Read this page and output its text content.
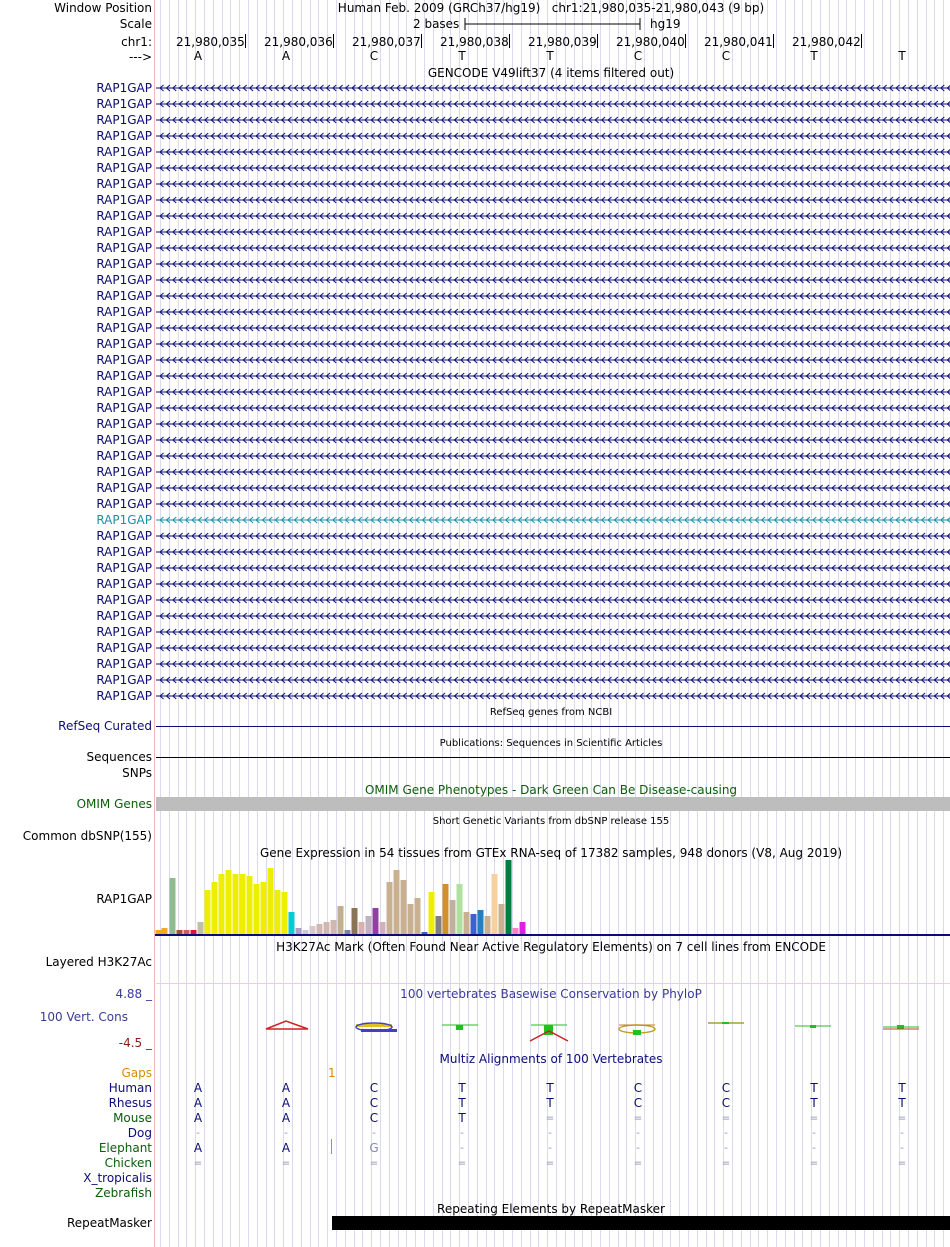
Window Position	Human Feb. 2009 (GRCh37/hg19) chr1:21,980,035-21,980,043 (9 bp)
Scale	2 bases	hg19
chr1: 21,980,035 21,980,036 21,980,037 21,980,038 21,980,039 21,980,040 21,980,041 21,980,042
--->	A	A	C	T	T	C	C	T	T
GENCODE V49lift37 (4 items filtered out)
RAP1GAP
RAP1GAP
RAP1GAP
RAP1GAP
RAP1GAP
RAP1GAP
RAP1GAP
RAP1GAP
RAP1GAP
RAP1GAP
RAP1GAP
RAP1GAP
RAP1GAP
RAP1GAP
RAP1GAP
RAP1GAP
RAP1GAP
RAP1GAP
RAP1GAP
RAP1GAP
RAP1GAP
RAP1GAP
RAP1GAP
RAP1GAP
RAP1GAP
RAP1GAP
RAP1GAP
RAP1GAP
RAP1GAP
RAP1GAP
RAP1GAP
RAP1GAP
RAP1GAP
RAP1GAP
RAP1GAP
RAP1GAP
RAP1GAP
RAP1GAP
RAP1GAP
RefSeq genes from NCBI
RefSeq Curated
Publications: Sequences in Scientific Articles
Sequences
SNPs
OMIM Gene Phenotypes - Dark Green Can Be Disease-causing
OMIM Genes
Short Genetic Variants from dbSNP release 155
Common dbSNP(155)
Gene Expression in 54 tissues from GTEx RNA-seq of 17382 samples, 948 donors (V8, Aug 2019)
RAP1GAP
H3K27Ac Mark (Often Found Near Active Regulatory Elements) on 7 cell lines from ENCODE
Layered H3K27Ac
100 vertebrates Basewise Conservation by PhyloP
4.88 _
100 Vert. Cons
-4.5 _
Multiz Alignments of 100 Vertebrates
Gaps	1
Human	A	A	C	T	T	C	C	T	T
Rhesus	A	A	C	T	T	C	C	T	T
Mouse	A	A	C	T	=	=	=	=	=
Dog	-	-	-	-	-	-	-	-	-
Elephant	A	A	G	-	-	-	-	-	-
Chicken	=	=	=	=	=	=	=	=	=
X_tropicalis
Zebrafish
Repeating Elements by RepeatMasker
RepeatMasker
